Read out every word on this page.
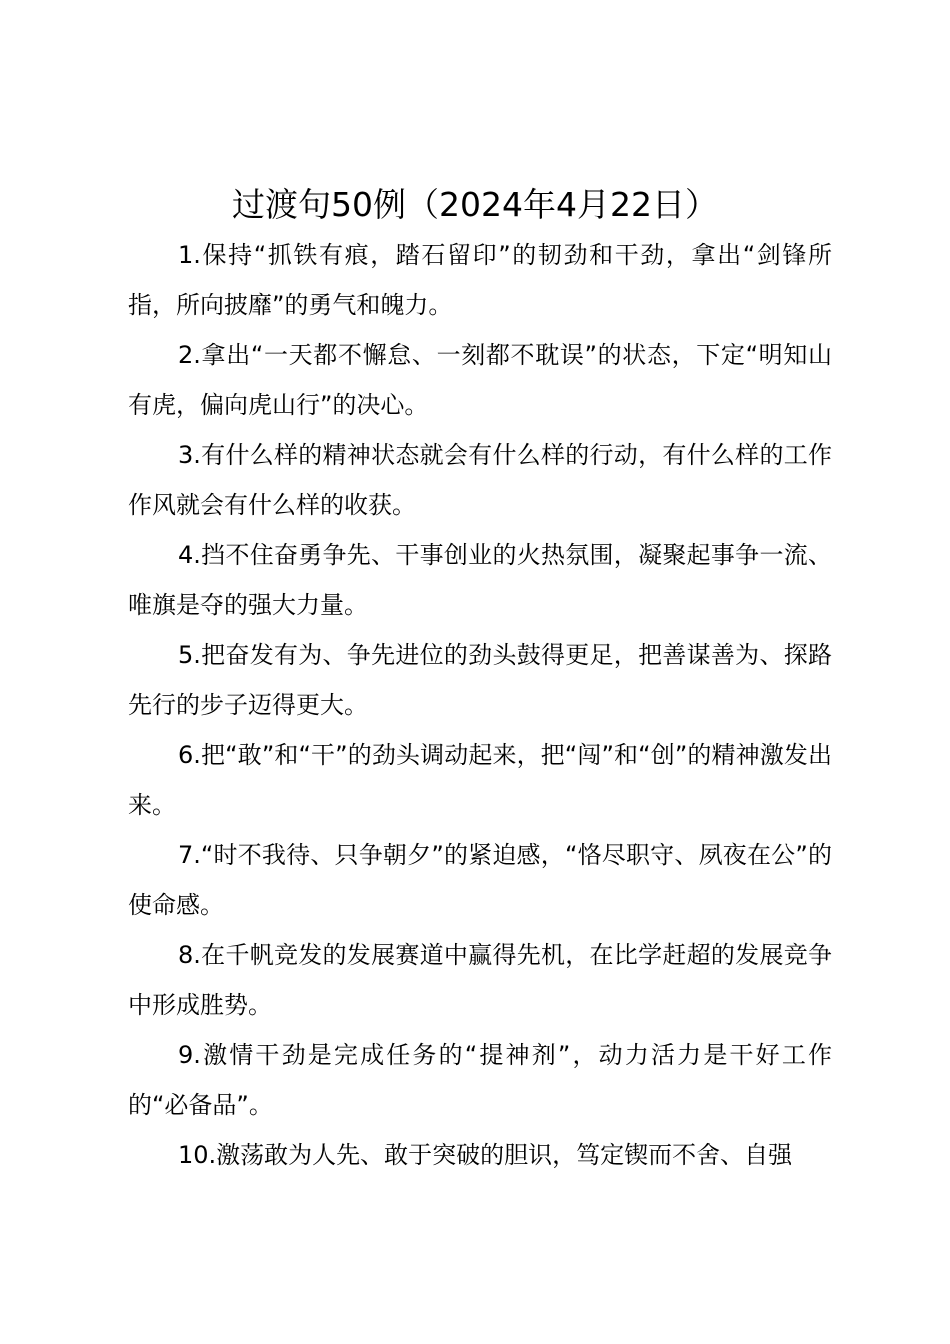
过渡句50例（2024年4月22日）

1.保持“抓铁有痕，踏石留印”的韧劲和干劲，拿出“剑锋所指，所向披靡”的勇气和魄力。

2.拿出“一天都不懈怠、一刻都不耽误”的状态，下定“明知山有虎，偏向虎山行”的决心。

3.有什么样的精神状态就会有什么样的行动，有什么样的工作作风就会有什么样的收获。

4.挡不住奋勇争先、干事创业的火热氛围，凝聚起事争一流、唯旗是夺的强大力量。

5.把奋发有为、争先进位的劲头鼓得更足，把善谋善为、探路先行的步子迈得更大。

6.把“敢”和“干”的劲头调动起来，把“闯”和“创”的精神激发出来。

7.“时不我待、只争朝夕”的紧迫感，“恪尽职守、夙夜在公”的使命感。

8.在千帆竞发的发展赛道中赢得先机，在比学赶超的发展竞争中形成胜势。

9.激情干劲是完成任务的“提神剂”，动力活力是干好工作的“必备品”。

10.激荡敢为人先、敢于突破的胆识，笃定锲而不舍、自强
